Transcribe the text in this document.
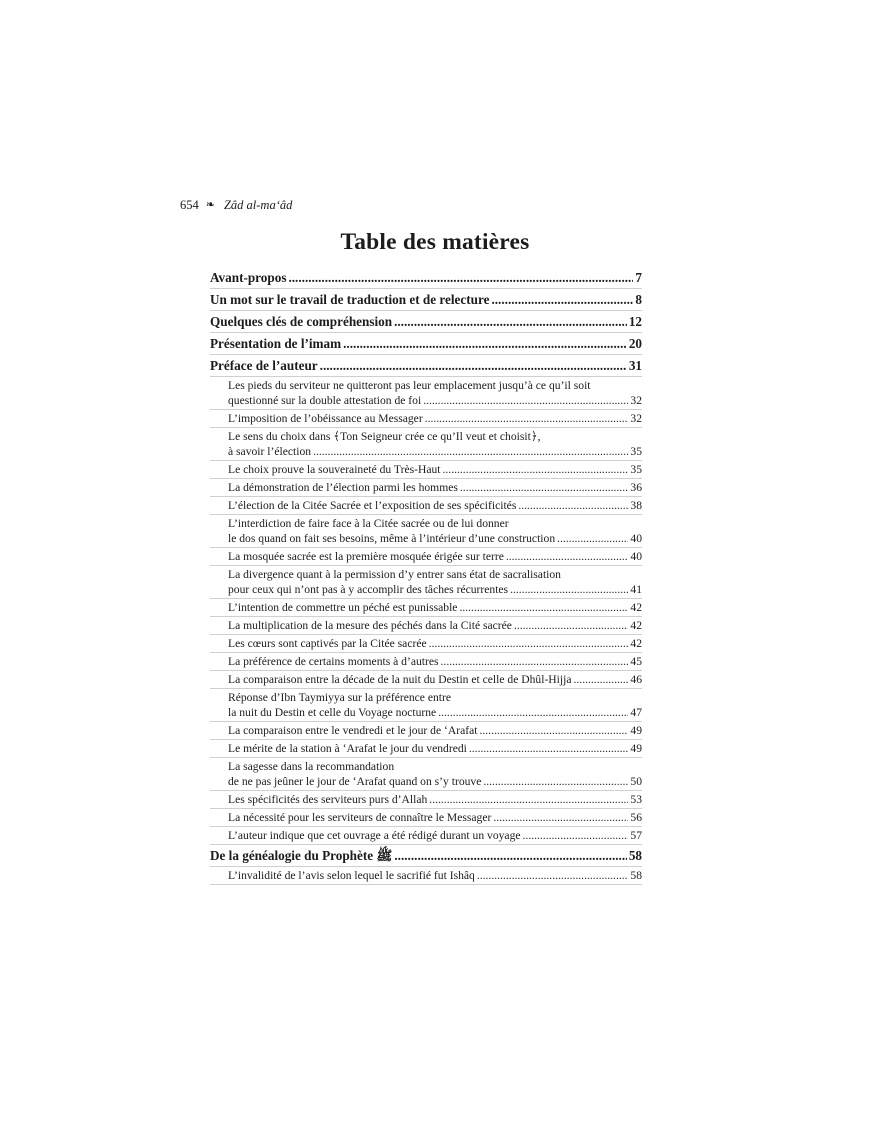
654 ❧ Zâd al-ma‘âd
Table des matières
Avant-propos .....	7
Un mot sur le travail de traduction et de relecture .....	8
Quelques clés de compréhension .....	12
Présentation de l’imam .....	20
Préface de l’auteur .....	31
Les pieds du serviteur ne quitteront pas leur emplacement jusqu’à ce qu’il soit
questionné sur la double attestation de foi .....	32
L’imposition de l’obéissance au Messager .....	32
Le sens du choix dans ﴾Ton Seigneur crée ce qu’Il veut et choisit﴿,
à savoir l’élection .....	35
Le choix prouve la souveraineté du Très-Haut .....	35
La démonstration de l’élection parmi les hommes .....	36
L’élection de la Citée Sacrée et l’exposition de ses spécificités .....	38
L’interdiction de faire face à la Citée sacrée ou de lui donner
le dos quand on fait ses besoins, même à l’intérieur d’une construction .....	40
La mosquée sacrée est la première mosquée érigée sur terre .....	40
La divergence quant à la permission d’y entrer sans état de sacralisation
pour ceux qui n’ont pas à y accomplir des tâches récurrentes .....	41
L’intention de commettre un péché est punissable .....	42
La multiplication de la mesure des péchés dans la Cité sacrée .....	42
Les cœurs sont captivés par la Citée sacrée .....	42
La préférence de certains moments à d’autres .....	45
La comparaison entre la décade de la nuit du Destin et celle de Dhûl-Hijja .....	46
Réponse d’Ibn Taymiyya sur la préférence entre
la nuit du Destin et celle du Voyage nocturne .....	47
La comparaison entre le vendredi et le jour de ‘Arafat .....	49
Le mérite de la station à ‘Arafat le jour du vendredi .....	49
La sagesse dans la recommandation
de ne pas jeûner le jour de ‘Arafat quand on s’y trouve .....	50
Les spécificités des serviteurs purs d’Allah .....	53
La nécessité pour les serviteurs de connaître le Messager .....	56
L’auteur indique que cet ouvrage a été rédigé durant un voyage .....	57
De la généalogie du Prophète ﷺ .....	58
L’invalidité de l’avis selon lequel le sacrifié fut Ishâq .....	58
